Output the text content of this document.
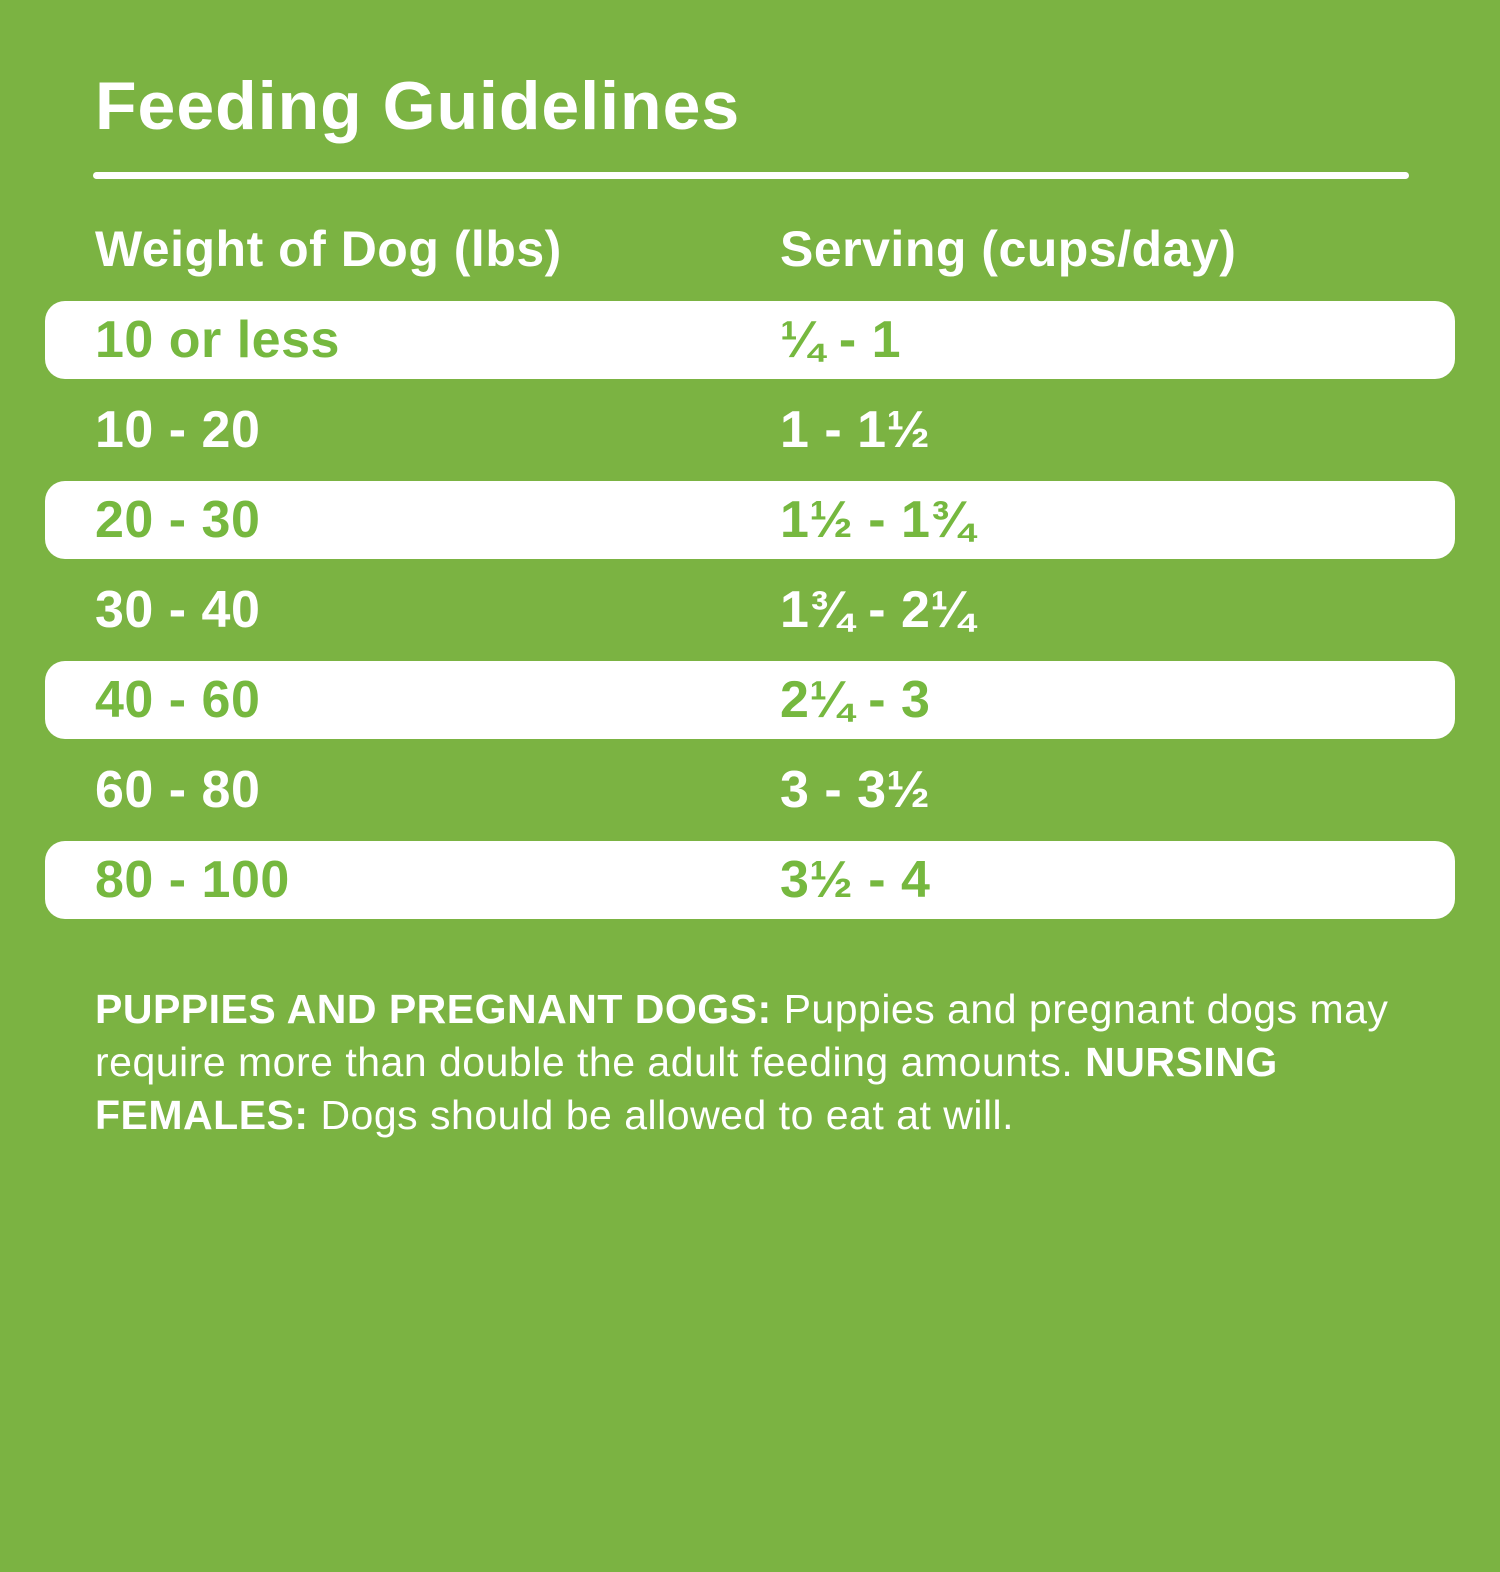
Feeding Guidelines
Weight of Dog (lbs)	Serving (cups/day)
10 or less	¼ - 1
10 - 20	1 - 1½
20 - 30	1½ - 1¾
30 - 40	1¾ - 2¼
40 - 60	2¼ - 3
60 - 80	3 - 3½
80 - 100	3½ - 4

PUPPIES AND PREGNANT DOGS: Puppies and pregnant dogs may require more than double the adult feeding amounts. NURSING FEMALES: Dogs should be allowed to eat at will.
